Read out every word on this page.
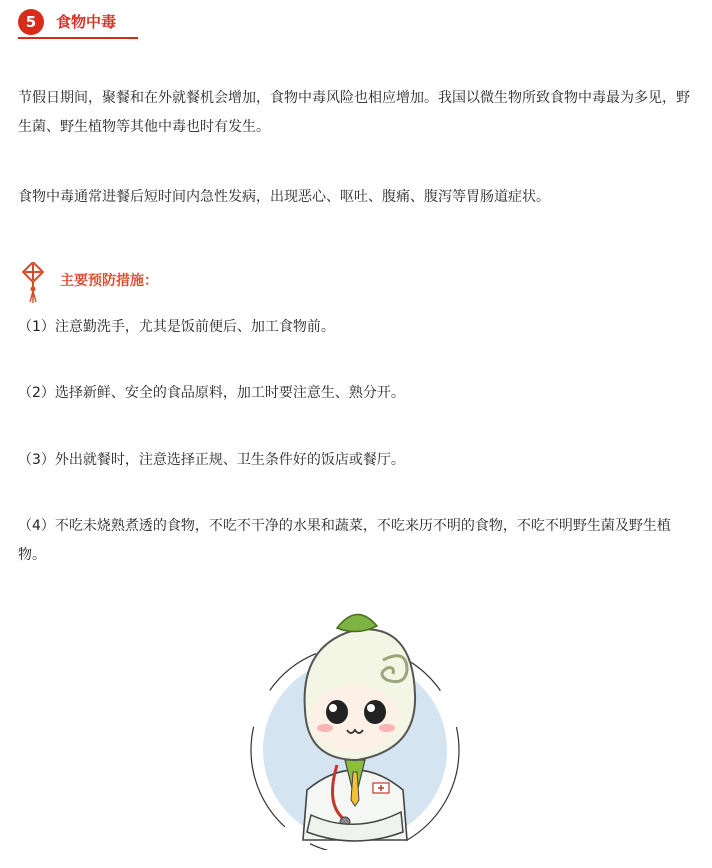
5	食物中毒

节假日期间，聚餐和在外就餐机会增加，食物中毒风险也相应增加。我国以微生物所致食物中毒最为多见，野生菌、野生植物等其他中毒也时有发生。

食物中毒通常进餐后短时间内急性发病，出现恶心、呕吐、腹痛、腹泻等胃肠道症状。

主要预防措施：

（1）注意勤洗手，尤其是饭前便后、加工食物前。

（2）选择新鲜、安全的食品原料，加工时要注意生、熟分开。

（3）外出就餐时，注意选择正规、卫生条件好的饭店或餐厅。

（4）不吃未烧熟煮透的食物，不吃不干净的水果和蔬菜，不吃来历不明的食物，不吃不明野生菌及野生植物。
